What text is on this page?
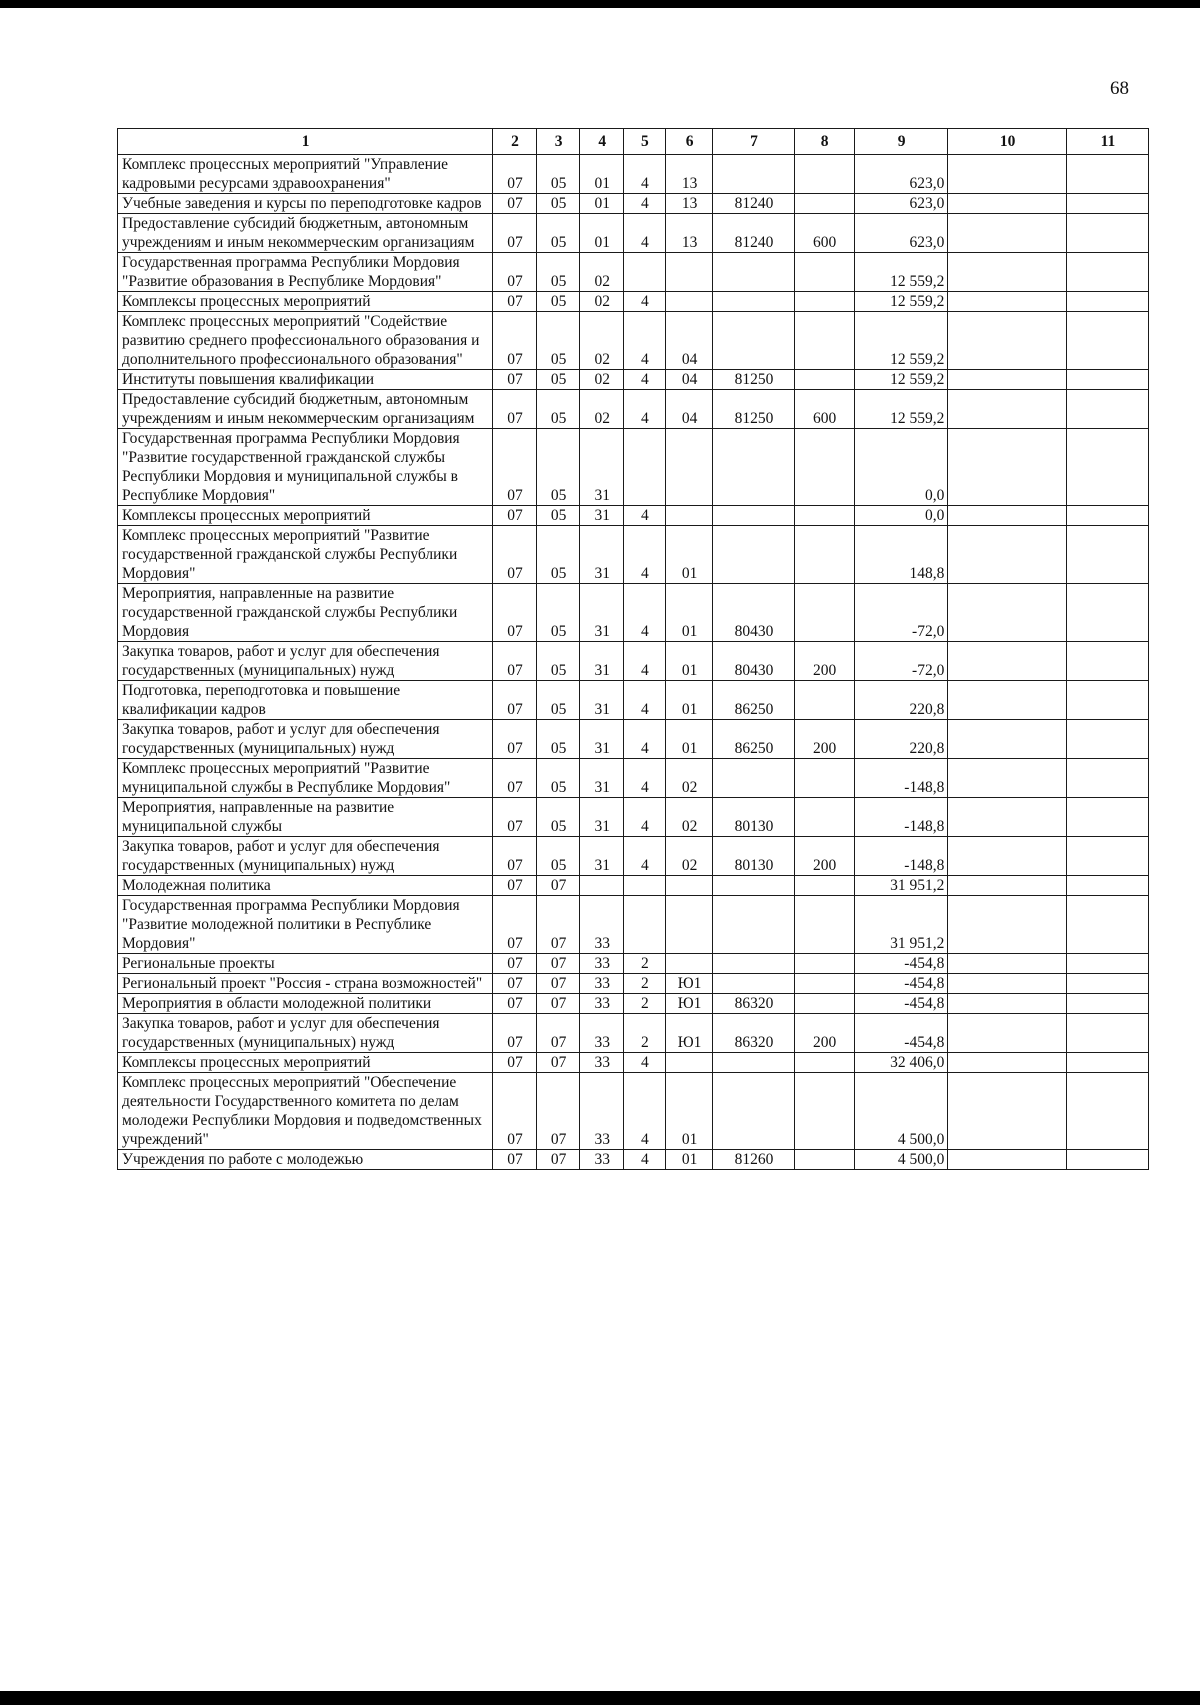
68
1	2	3	4	5	6	7	8	9	10	11
Комплекс процессных мероприятий "Управление кадровыми ресурсами здравоохранения"	07	05	01	4	13			623,0		
Учебные заведения и курсы по переподготовке кадров	07	05	01	4	13	81240		623,0		
Предоставление субсидий бюджетным, автономным учреждениям и иным некоммерческим организациям	07	05	01	4	13	81240	600	623,0		
Государственная программа Республики Мордовия "Развитие образования в Республике Мордовия"	07	05	02					12 559,2		
Комплексы процессных мероприятий	07	05	02	4				12 559,2		
Комплекс процессных мероприятий "Содействие развитию среднего профессионального образования и дополнительного профессионального образования"	07	05	02	4	04			12 559,2		
Институты повышения квалификации	07	05	02	4	04	81250		12 559,2		
Предоставление субсидий бюджетным, автономным учреждениям и иным некоммерческим организациям	07	05	02	4	04	81250	600	12 559,2		
Государственная программа Республики Мордовия "Развитие государственной гражданской службы Республики Мордовия и муниципальной службы в Республике Мордовия"	07	05	31					0,0		
Комплексы процессных мероприятий	07	05	31	4				0,0		
Комплекс процессных мероприятий "Развитие государственной гражданской службы Республики Мордовия"	07	05	31	4	01			148,8		
Мероприятия, направленные на развитие государственной гражданской службы Республики Мордовия	07	05	31	4	01	80430		-72,0		
Закупка товаров, работ и услуг для обеспечения государственных (муниципальных) нужд	07	05	31	4	01	80430	200	-72,0		
Подготовка, переподготовка и повышение квалификации кадров	07	05	31	4	01	86250		220,8		
Закупка товаров, работ и услуг для обеспечения государственных (муниципальных) нужд	07	05	31	4	01	86250	200	220,8		
Комплекс процессных мероприятий "Развитие муниципальной службы в Республике Мордовия"	07	05	31	4	02			-148,8		
Мероприятия, направленные на развитие муниципальной службы	07	05	31	4	02	80130		-148,8		
Закупка товаров, работ и услуг для обеспечения государственных (муниципальных) нужд	07	05	31	4	02	80130	200	-148,8		
Молодежная политика	07	07						31 951,2		
Государственная программа Республики Мордовия "Развитие молодежной политики в Республике Мордовия"	07	07	33					31 951,2		
Региональные проекты	07	07	33	2				-454,8		
Региональный проект "Россия - страна возможностей"	07	07	33	2	Ю1			-454,8		
Мероприятия в области молодежной политики	07	07	33	2	Ю1	86320		-454,8		
Закупка товаров, работ и услуг для обеспечения государственных (муниципальных) нужд	07	07	33	2	Ю1	86320	200	-454,8		
Комплексы процессных мероприятий	07	07	33	4				32 406,0		
Комплекс процессных мероприятий "Обеспечение деятельности Государственного комитета по делам молодежи Республики Мордовия и подведомственных учреждений"	07	07	33	4	01			4 500,0		
Учреждения по работе с молодежью	07	07	33	4	01	81260		4 500,0		
